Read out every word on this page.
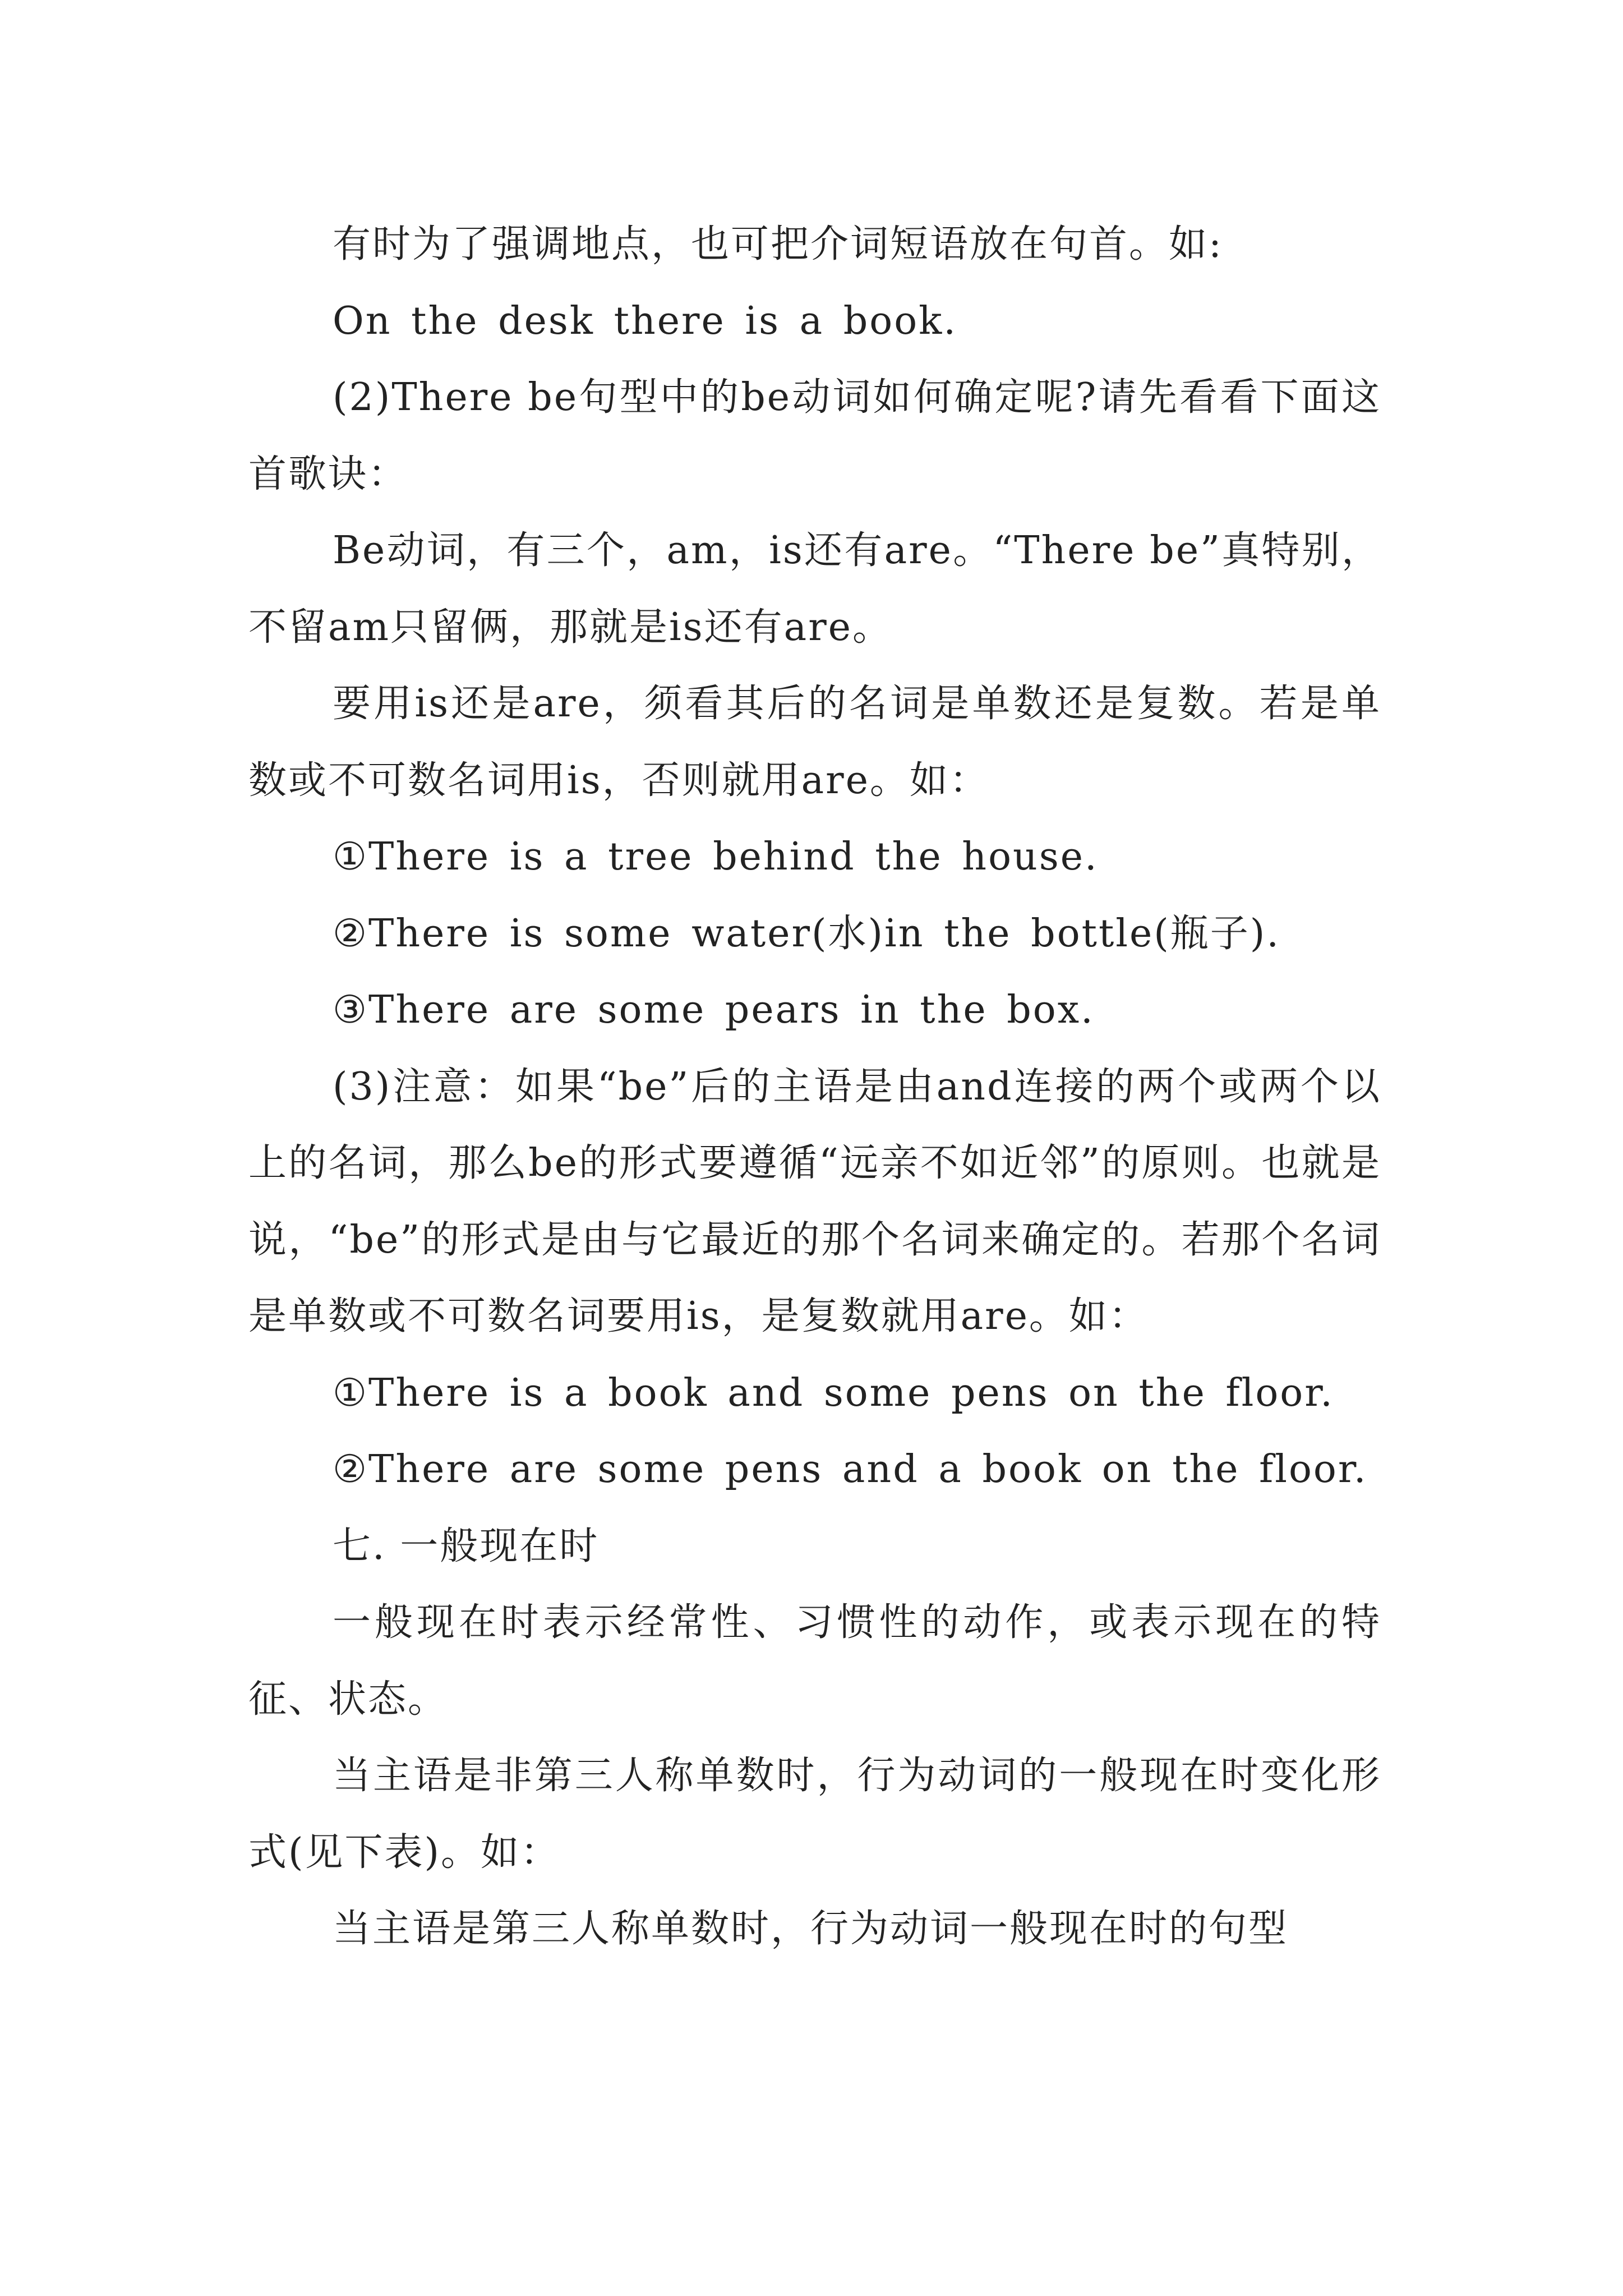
有时为了强调地点，也可把介词短语放在句首。如:

On the desk there is a book.

(2)There be句型中的be动词如何确定呢?请先看看下面这首歌诀：

Be动词，有三个，am，is还有are。“There be”真特别，不留am只留俩，那就是is还有are。

要用is还是are，须看其后的名词是单数还是复数。若是单数或不可数名词用is，否则就用are。如：

①There is a tree behind the house.

②There is some water(水)in the bottle(瓶子).

③There are some pears in the box.

(3)注意：如果“be”后的主语是由and连接的两个或两个以上的名词，那么be的形式要遵循“远亲不如近邻”的原则。也就是说，“be”的形式是由与它最近的那个名词来确定的。若那个名词是单数或不可数名词要用is，是复数就用are。如：

①There is a book and some pens on the floor.

②There are some pens and a book on the floor.

七. 一般现在时

一般现在时表示经常性、习惯性的动作，或表示现在的特征、状态。

当主语是非第三人称单数时，行为动词的一般现在时变化形式(见下表)。如：

当主语是第三人称单数时，行为动词一般现在时的句型
